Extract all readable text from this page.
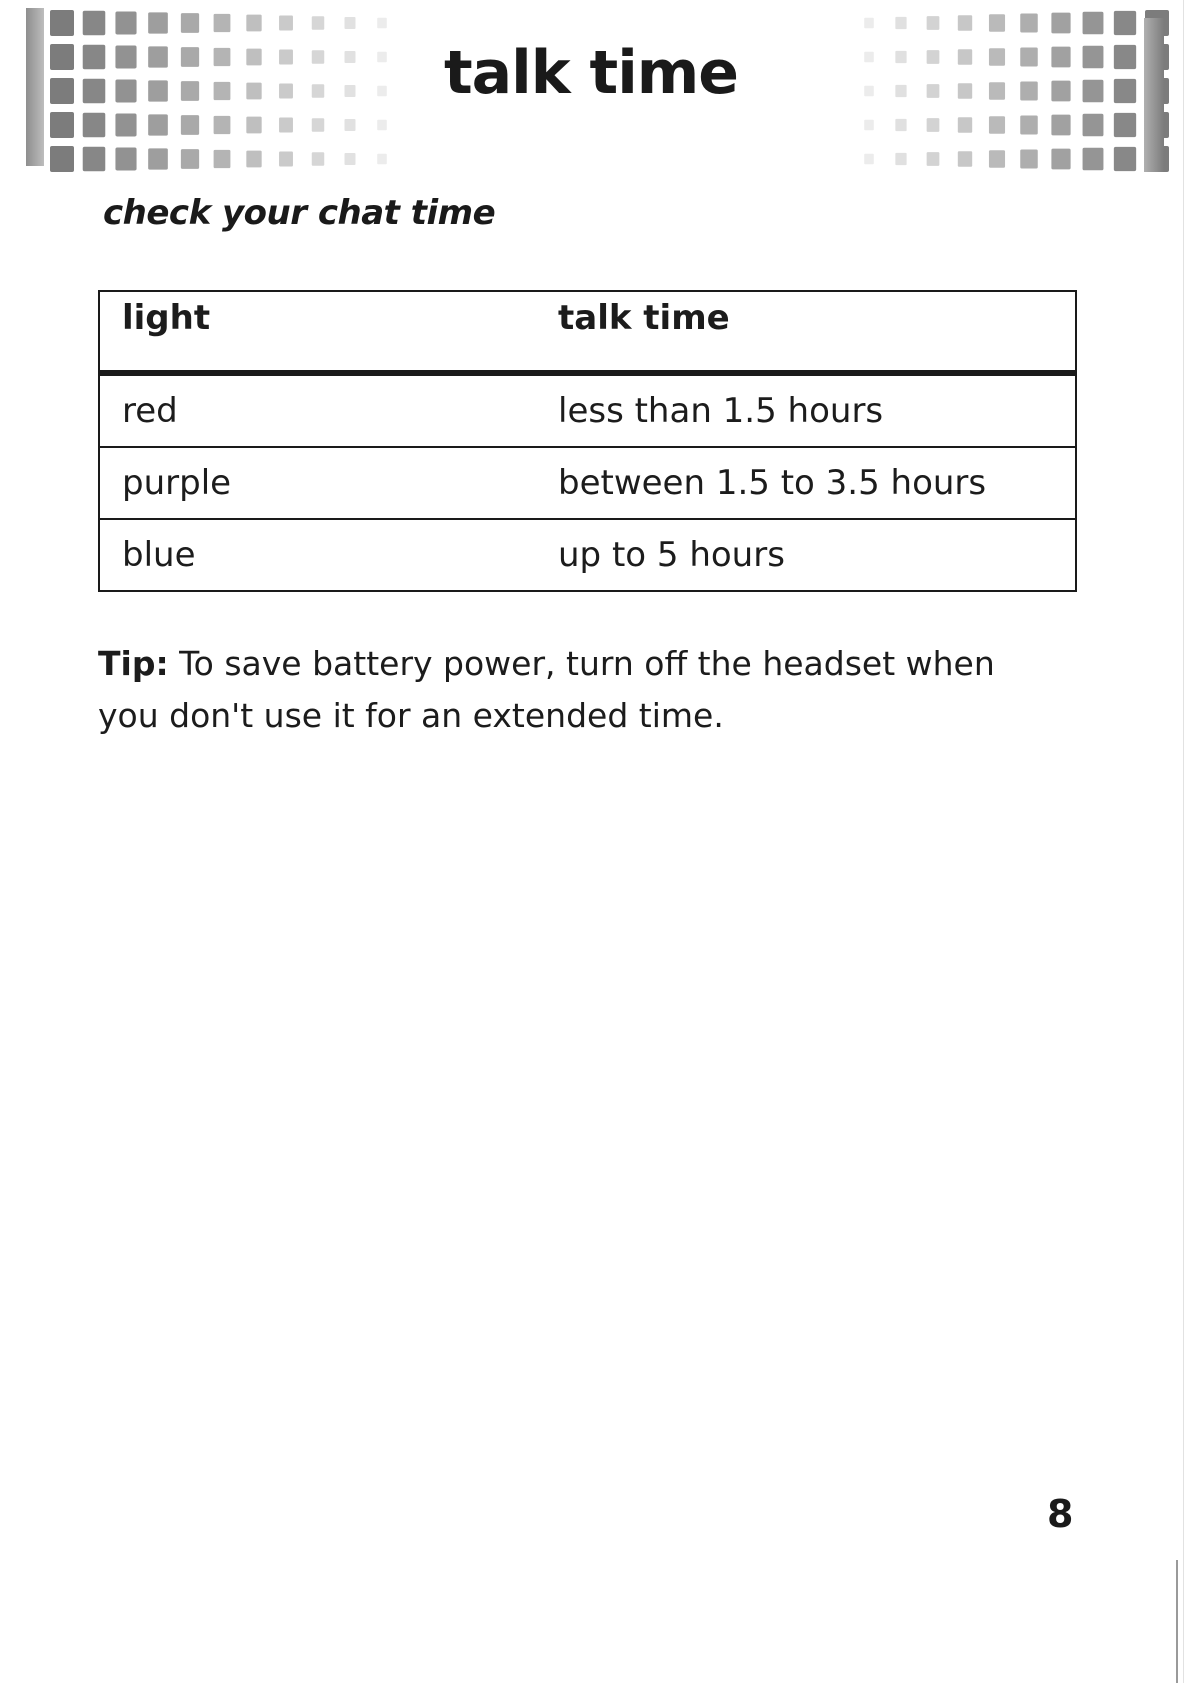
talk time
check your chat time
light	talk time
red	less than 1.5 hours
purple	between 1.5 to 3.5 hours
blue	up to 5 hours

Tip: To save battery power, turn off the headset when you don't use it for an extended time.

8
